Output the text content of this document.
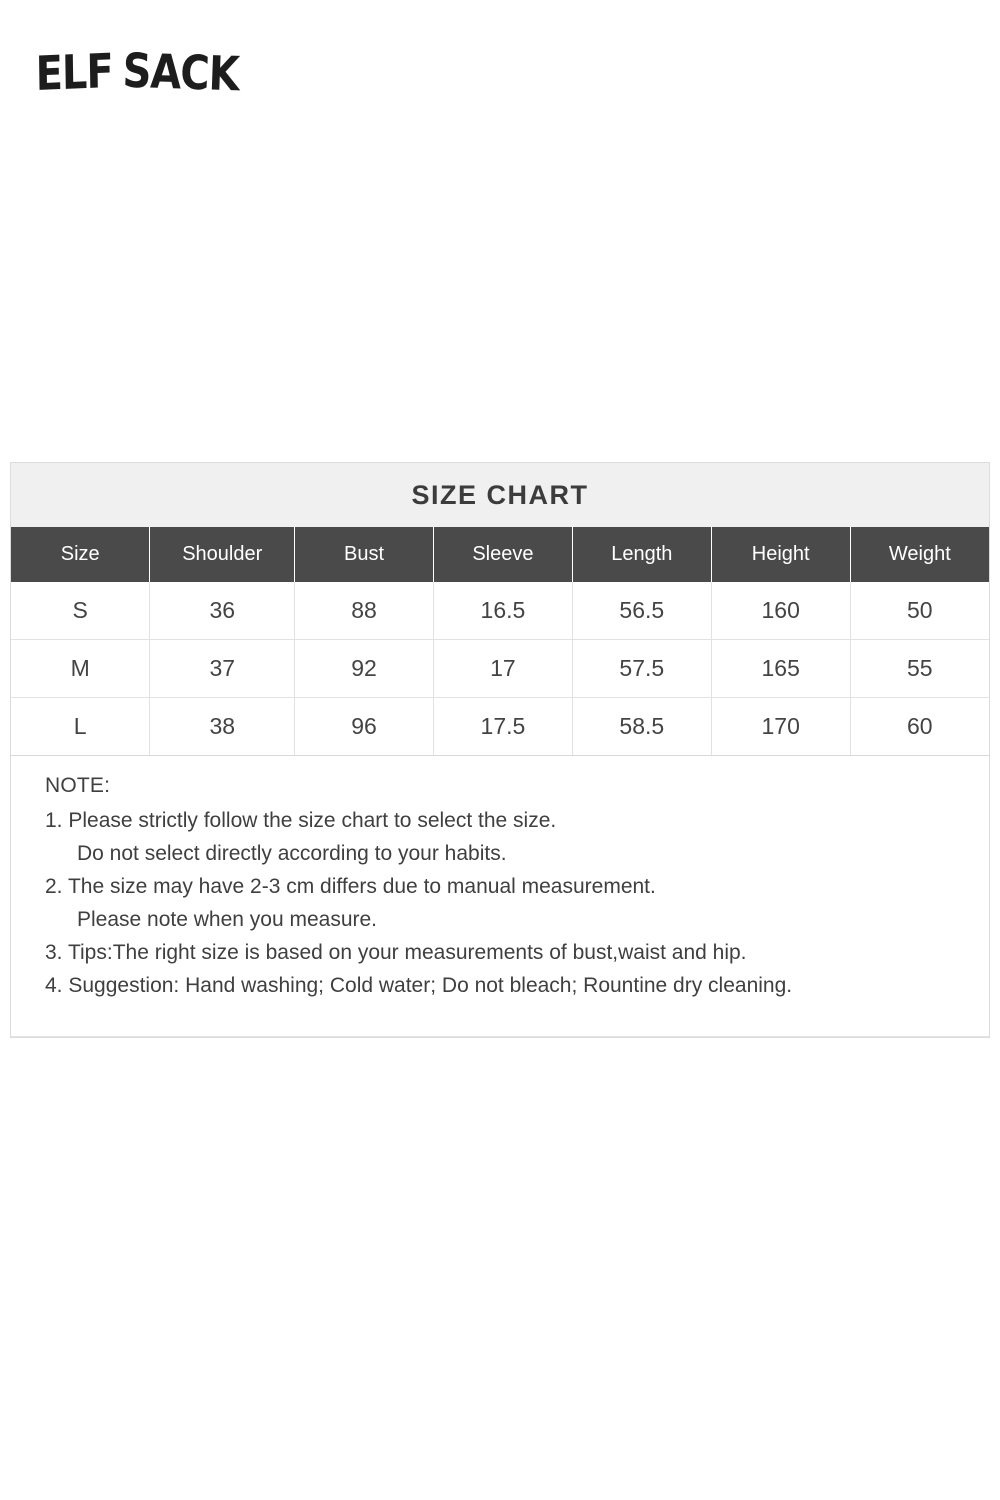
ELF SACK
SIZE CHART
Size	Shoulder	Bust	Sleeve	Length	Height	Weight
S	36	88	16.5	56.5	160	50
M	37	92	17	57.5	165	55
L	38	96	17.5	58.5	170	60
NOTE:
1. Please strictly follow the size chart to select the size.
Do not select directly according to your habits.
2. The size may have 2-3 cm differs due to manual measurement.
Please note when you measure.
3. Tips:The right size is based on your measurements of bust,waist and hip.
4. Suggestion: Hand washing; Cold water; Do not bleach; Rountine dry cleaning.
